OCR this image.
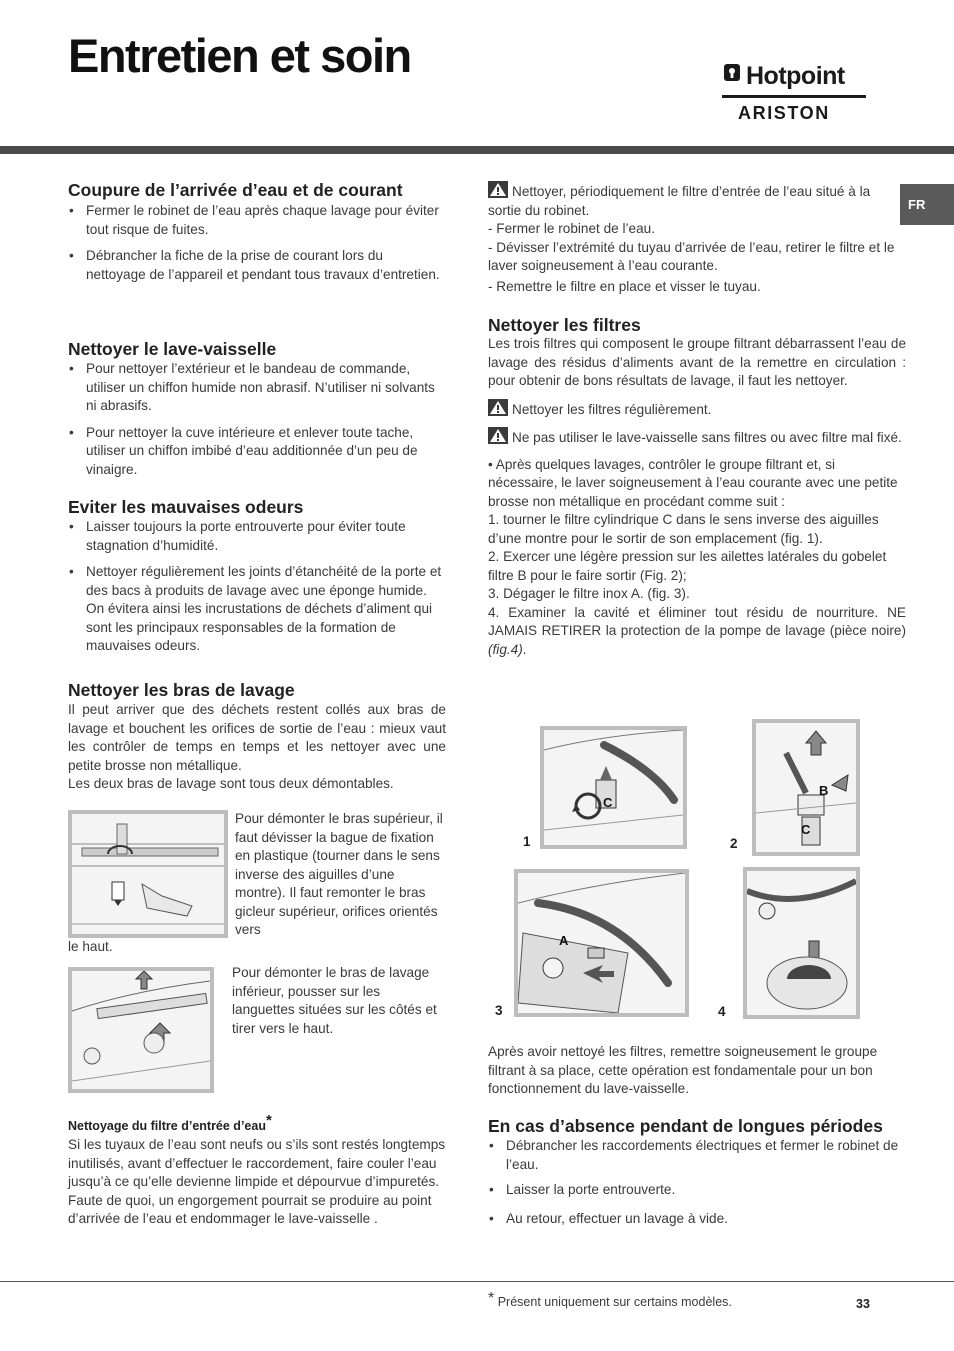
Entretien et soin	Hotpoint
ARISTON
FR
Coupure de l’arrivée d’eau et de courant
• Fermer le robinet de l’eau après chaque lavage pour éviter tout risque de fuites.
• Débrancher la fiche de la prise de courant lors du nettoyage de l’appareil et pendant tous travaux d’entretien.
Nettoyer le lave-vaisselle
• Pour nettoyer l’extérieur et le bandeau de commande, utiliser un chiffon humide non abrasif. N’utiliser ni solvants ni abrasifs.
• Pour nettoyer la cuve intérieure et enlever toute tache, utiliser un chiffon imbibé d’eau additionnée d’un peu de vinaigre.
Eviter les mauvaises odeurs
• Laisser toujours la porte entrouverte pour éviter toute stagnation d’humidité.
• Nettoyer régulièrement les joints d’étanchéité de la porte et des bacs à produits de lavage avec une éponge humide. On évitera ainsi les incrustations de déchets d’aliment qui sont les principaux responsables de la formation de mauvaises odeurs.
Nettoyer les bras de lavage

Il peut arriver que des déchets restent collés aux bras de lavage et bouchent les orifices de sortie de l’eau : mieux vaut les contrôler de temps en temps et les nettoyer avec une petite brosse non métallique.

Les deux bras de lavage sont tous deux démontables.

Pour démonter le bras supérieur, il faut dévisser la bague de fixation en plastique (tourner dans le sens inverse des aiguilles d’une montre). Il faut remonter le bras gicleur supérieur, orifices orientés vers

le haut.

Pour démonter le bras de lavage inférieur, pousser sur les languettes situées sur les côtés et tirer vers le haut.

Nettoyage du filtre d’entrée d’eau*

Si les tuyaux de l’eau sont neufs ou s’ils sont restés longtemps inutilisés, avant d’effectuer le raccordement, faire couler l’eau jusqu’à ce qu’elle devienne limpide et dépourvue d’impuretés. Faute de quoi, un engorgement pourrait se produire au point d’arrivée de l’eau et endommager le lave-vaisselle .

Nettoyer, périodiquement le filtre d’entrée de l’eau situé à la sortie du robinet.

- Fermer le robinet de l’eau.

- Dévisser l’extrémité du tuyau d’arrivée de l’eau, retirer le filtre et le laver soigneusement à l’eau courante.

- Remettre le filtre en place et visser le tuyau.

Nettoyer les filtres

Les trois filtres qui composent le groupe filtrant débarrassent l’eau de lavage des résidus d’aliments avant de la remettre en circulation : pour obtenir de bons résultats de lavage, il faut les nettoyer.

Nettoyer les filtres régulièrement.

Ne pas utiliser le lave-vaisselle sans filtres ou avec filtre mal fixé.

• Après quelques lavages, contrôler le groupe filtrant et, si nécessaire, le laver soigneusement à l’eau courante avec une petite brosse non métallique en procédant comme suit :

1. tourner le filtre cylindrique C dans le sens inverse des aiguilles d’une montre pour le sortir de son emplacement (fig. 1).

2. Exercer une légère pression sur les ailettes latérales du gobelet filtre B pour le faire sortir (Fig. 2);

3. Dégager le filtre inox A. (fig. 3).

4. Examiner la cavité et éliminer tout résidu de nourriture. NE JAMAIS RETIRER la protection de la pompe de lavage (pièce noire) (fig.4).

C
1
B
C
2
A
3	4

Après avoir nettoyé les filtres, remettre soigneusement le groupe filtrant à sa place, cette opération est fondamentale pour un bon fonctionnement du lave-vaisselle.

En cas d’absence pendant de longues périodes
• Débrancher les raccordements électriques et fermer le robinet de l’eau.
• Laisser la porte entrouverte.
• Au retour, effectuer un lavage à vide.
* Présent uniquement sur certains modèles.	33
